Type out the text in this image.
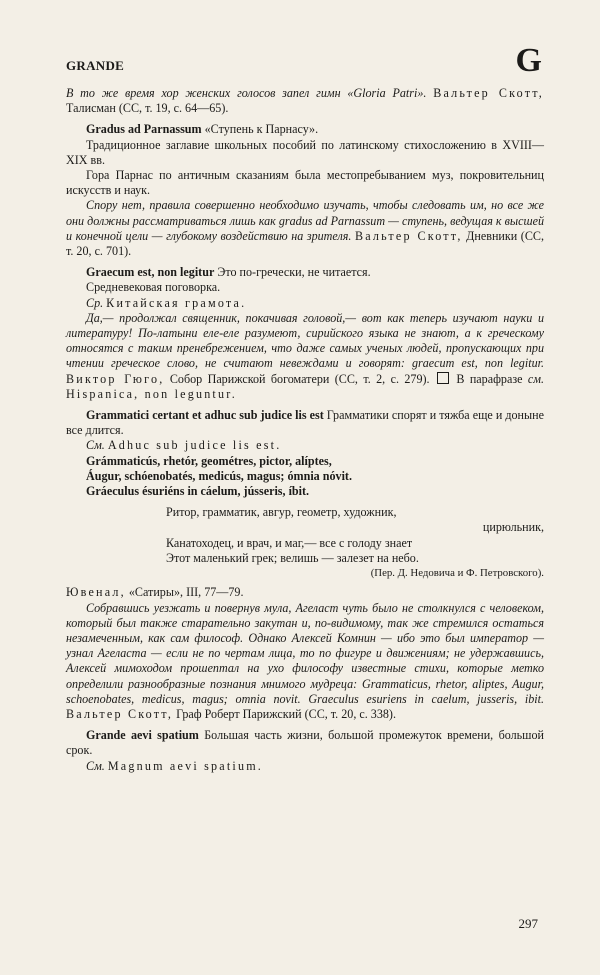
GRANDE	G

В то же время хор женских голосов запел гимн «Gloria Patri». Вальтер Скотт, Талисман (СС, т. 19, с. 64—65).

Gradus ad Parnassum «Ступень к Парнасу».

Традиционное заглавие школьных пособий по латинскому стихосложению в XVIII—XIX вв.

Гора Парнас по античным сказаниям была местопребыванием муз, покровительниц искусств и наук.

Спору нет, правила совершенно необходимо изучать, чтобы следовать им, но все же они должны рассматриваться лишь как gradus ad Parnassum — ступень, ведущая к высшей и конечной цели — глубокому воздействию на зрителя. Вальтер Скотт, Дневники (СС, т. 20, с. 701).

Graecum est, non legitur Это по-гречески, не читается.

Средневековая поговорка.

Ср. Китайская грамота.

Да,— продолжал священник, покачивая головой,— вот как теперь изучают науки и литературу! По-латыни еле-еле разумеют, сирийского языка не знают, а к греческому относятся с таким пренебрежением, что даже самых ученых людей, пропускающих при чтении греческое слово, не считают невеждами и говорят: graecum est, non legitur. Виктор Гюго, Собор Парижской богоматери (СС, т. 2, с. 279). В парафразе см. Hispanica, non leguntur.

Grammatici certant et adhuc sub judice lis est Грамматики спорят и тяжба еще и доныне все длится.

См. Adhuc sub judice lis est.

Grámmaticús, rhetór, geométres, pictor, alíptes,
Áugur, schóenobatés, medicús, magus; ómnia nóvit.
Gráeculus ésuriéns in cáelum, jússeris, íbit.
Ритор, грамматик, авгур, геометр, художник,
цирюльник,
Канатоходец, и врач, и маг,— все с голоду знает
Этот маленький грек; велишь — залезет на небо.
(Пер. Д. Недовича и Ф. Петровского).

Ювенал, «Сатиры», III, 77—79.

Собравшись уезжать и повернув мула, Агеласт чуть было не столкнулся с человеком, который был также старательно закутан и, по-видимому, так же стремился остаться незамеченным, как сам философ. Однако Алексей Комнин — ибо это был император — узнал Агеласта — если не по чертам лица, то по фигуре и движениям; не удержавшись, Алексей мимоходом прошептал на ухо философу известные стихи, которые метко определили разнообразные познания мнимого мудреца: Grammaticus, rhetor, aliptes, Augur, schoenobates, medicus, magus; omnia novit. Graeculus esuriens in caelum, jusseris, ibit. Вальтер Скотт, Граф Роберт Парижский (СС, т. 20, с. 338).

Grande aevi spatium Большая часть жизни, большой промежуток времени, большой срок.

См. Magnum aevi spatium.

297
